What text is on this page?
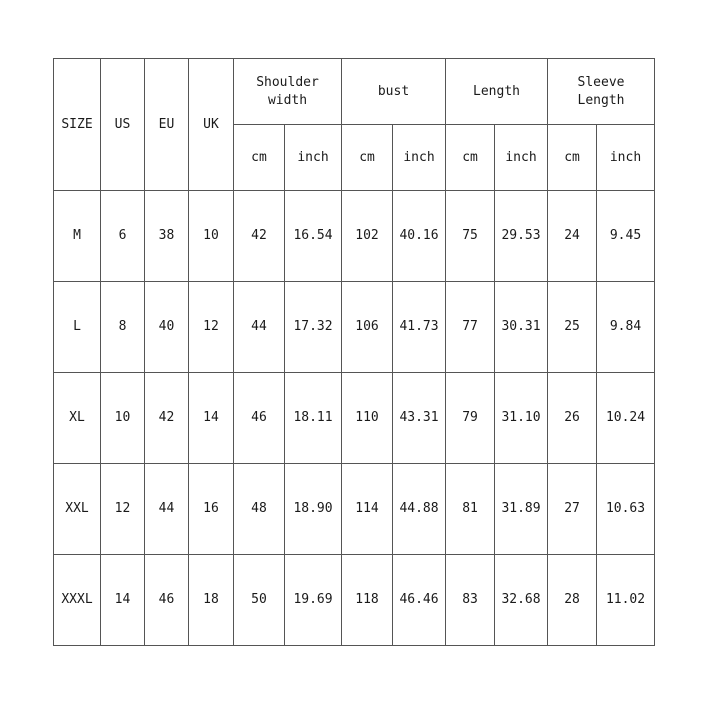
SIZE	US	EU	UK	Shoulder width		bust		Length		Sleeve Length	
				cm	inch	cm	inch	cm	inch	cm	inch
M	6	38	10	42	16.54	102	40.16	75	29.53	24	9.45
L	8	40	12	44	17.32	106	41.73	77	30.31	25	9.84
XL	10	42	14	46	18.11	110	43.31	79	31.10	26	10.24
XXL	12	44	16	48	18.90	114	44.88	81	31.89	27	10.63
XXXL	14	46	18	50	19.69	118	46.46	83	32.68	28	11.02
